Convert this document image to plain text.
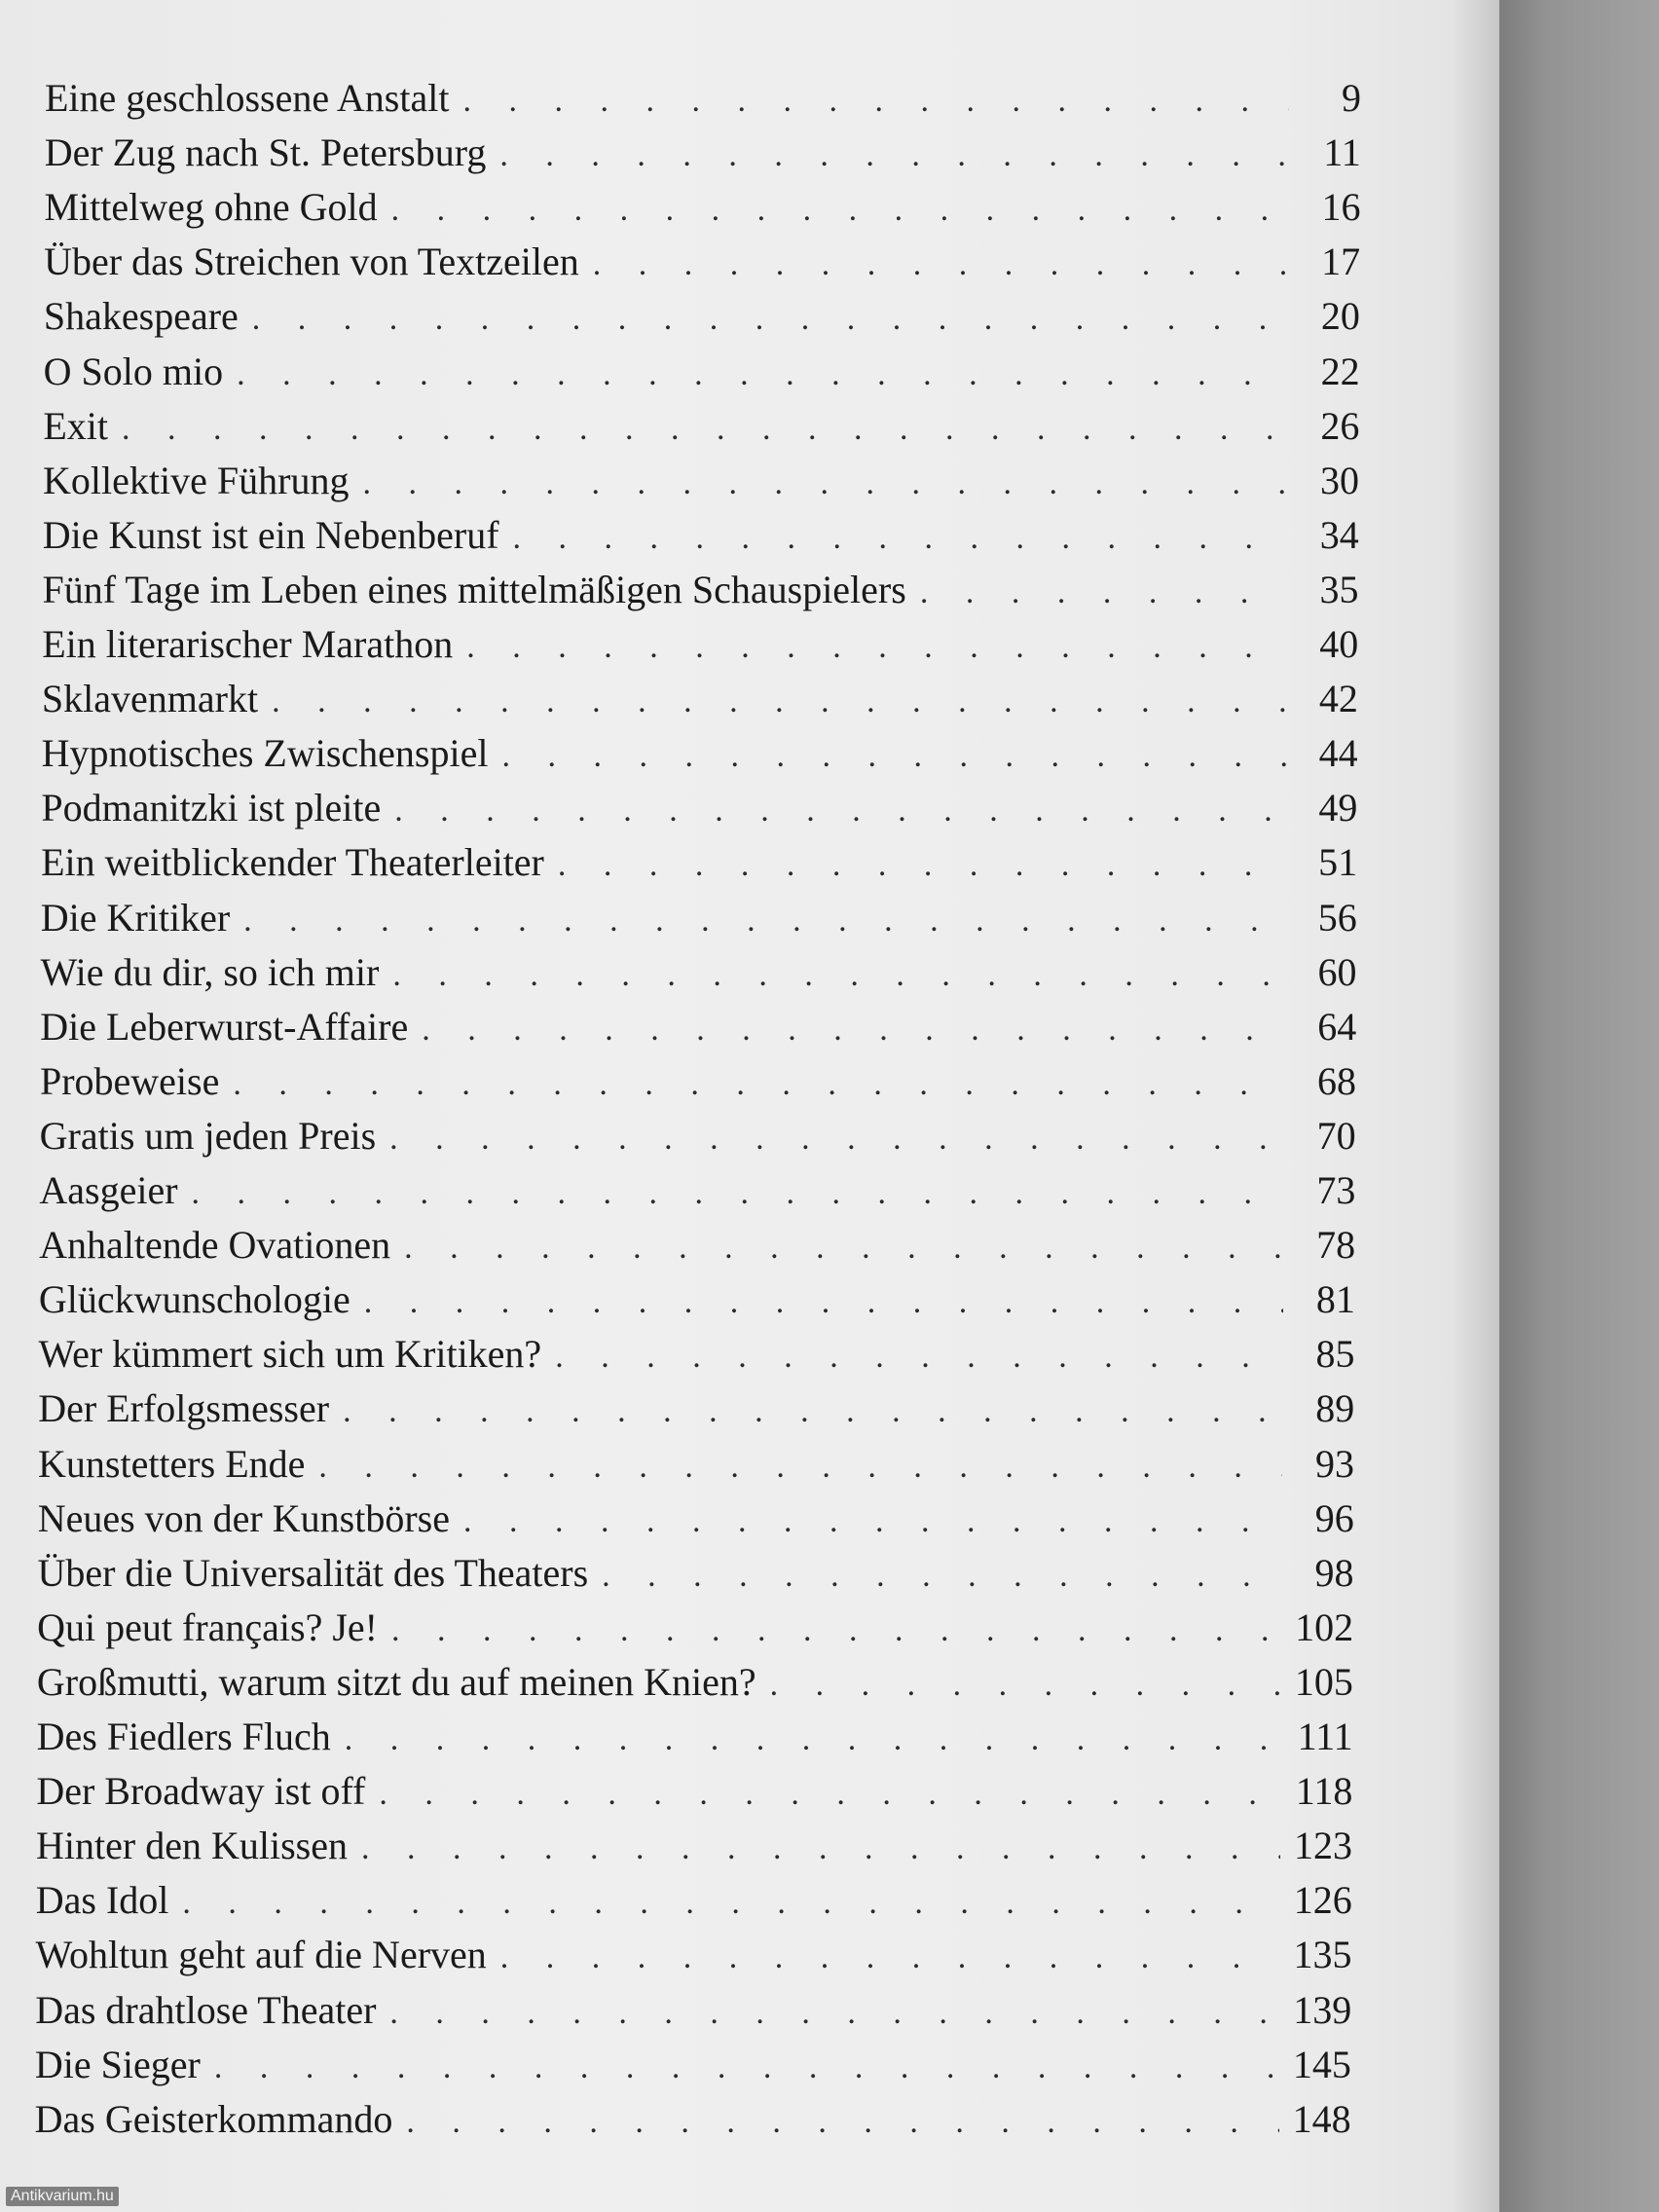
Eine geschlossene Anstalt . . .	9
Der Zug nach St. Petersburg . . .	11
Mittelweg ohne Gold . . .	16
Über das Streichen von Textzeilen . . .	17
Shakespeare . . .	20
O Solo mio . . .	22
Exit . . .	26
Kollektive Führung . . .	30
Die Kunst ist ein Nebenberuf . . .	34
Fünf Tage im Leben eines mittelmäßigen Schauspielers . . .	35
Ein literarischer Marathon . . .	40
Sklavenmarkt . . .	42
Hypnotisches Zwischenspiel . . .	44
Podmanitzki ist pleite . . .	49
Ein weitblickender Theaterleiter . . .	51
Die Kritiker . . .	56
Wie du dir, so ich mir . . .	60
Die Leberwurst-Affaire . . .	64
Probeweise . . .	68
Gratis um jeden Preis . . .	70
Aasgeier . . .	73
Anhaltende Ovationen . . .	78
Glückwunschologie . . .	81
Wer kümmert sich um Kritiken? . . .	85
Der Erfolgsmesser . . .	89
Kunstetters Ende . . .	93
Neues von der Kunstbörse . . .	96
Über die Universalität des Theaters . . .	98
Qui peut français? Je! . . .	102
Großmutti, warum sitzt du auf meinen Knien? . . .	105
Des Fiedlers Fluch . . .	111
Der Broadway ist off . . .	118
Hinter den Kulissen . . .	123
Das Idol . . .	126
Wohltun geht auf die Nerven . . .	135
Das drahtlose Theater . . .	139
Die Sieger . . .	145
Das Geisterkommando . . .	148
Antikvarium.hu
